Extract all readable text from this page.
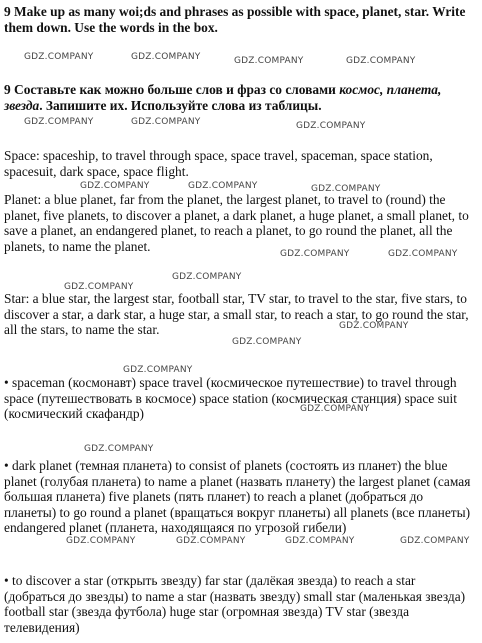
9 Make up as many woi;ds and phrases as possible with space, planet, star. Write them down. Use the words in the box.

9 Составьте как можно больше слов и фраз со словами космос, планета, звезда. Запишите их. Используйте слова из таблицы.

Space: spaceship, to travel through space, space travel, spaceman, space station, spacesuit, dark space, space flight.

Planet: a blue planet, far from the planet, the largest planet, to travel to (round) the planet, five planets, to discover a planet, a dark planet, a huge planet, a small planet, to save a planet, an endangered planet, to reach a planet, to go round the planet, all the planets, to name the planet.

Star: a blue star, the largest star, football star, TV star, to travel to the star, five stars, to discover a star, a dark star, a huge star, a small star, to reach a star, to go round the star, all the stars, to name the star.

• spaceman (космонавт) space travel (космическое путешествие) to travel through space (путешествовать в космосе) space station (космическая станция) space suit (космический скафандр)

• dark planet (темная планета) to consist of planets (состоять из планет) the blue planet (голубая планета) to name a planet (назвать планету) the largest planet (самая большая планета) five planets (пять планет) to reach a planet (добраться до планеты) to go round a planet (вращаться вокруг планеты) all planets (все планеты) endangered planet (планета, находящаяся по угрозой гибели)

• to discover a star (открыть звезду) far star (далёкая звезда) to reach a star (добраться до звезды) to name a star (назвать звезду) small star (маленькая звезда) football star (звезда футбола) huge star (огромная звезда) TV star (звезда телевидения)

GDZ.COMPANY	GDZ.COMPANY	GDZ.COMPANY	GDZ.COMPANY
GDZ.COMPANY	GDZ.COMPANY	GDZ.COMPANY
GDZ.COMPANY	GDZ.COMPANY	GDZ.COMPANY
GDZ.COMPANY	GDZ.COMPANY
GDZ.COMPANY
GDZ.COMPANY
GDZ.COMPANY
GDZ.COMPANY
GDZ.COMPANY
GDZ.COMPANY
GDZ.COMPANY
GDZ.COMPANY	GDZ.COMPANY	GDZ.COMPANY	GDZ.COMPANY
